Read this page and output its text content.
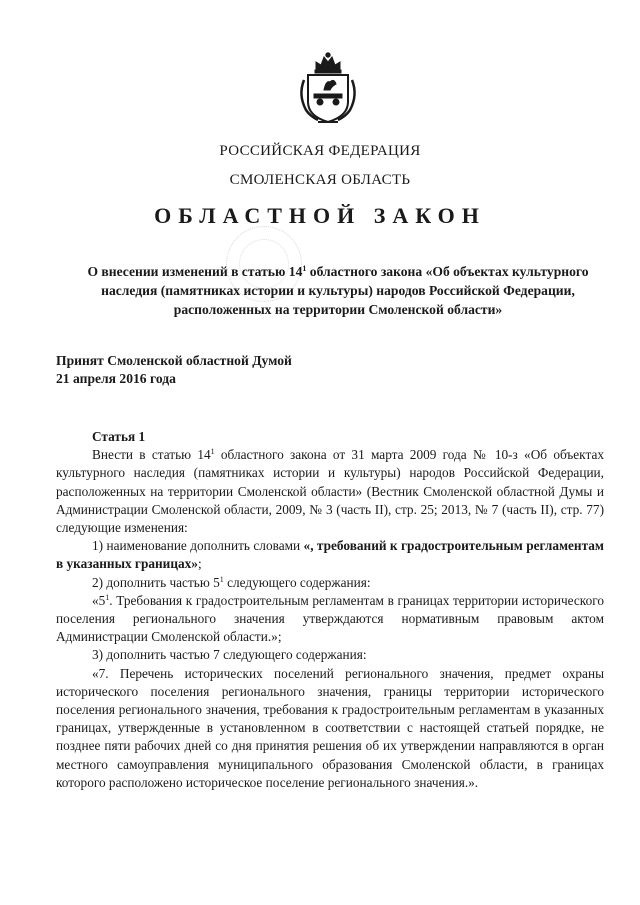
РОССИЙСКАЯ ФЕДЕРАЦИЯ
СМОЛЕНСКАЯ ОБЛАСТЬ
ОБЛАСТНОЙ ЗАКОН
О внесении изменений в статью $14^1$ областного закона «Об объектах культурного наследия (памятниках истории и культуры) народов Российской Федерации, расположенных на территории Смоленской области»
Принят Смоленской областной Думой
21 апреля 2016 года

Статья 1

Внести в статью $14^1$ областного закона от 31 марта 2009 года № 10-з «Об объектах культурного наследия (памятниках истории и культуры) народов Российской Федерации, расположенных на территории Смоленской области» (Вестник Смоленской областной Думы и Администрации Смоленской области, 2009, № 3 (часть II), стр. 25; 2013, № 7 (часть II), стр. 77) следующие изменения:

1) наименование дополнить словами «, требований к градостроительным регламентам в указанных границах»;

2) дополнить частью $5^1$ следующего содержания:

«$5^1$. Требования к градостроительным регламентам в границах территории исторического поселения регионального значения утверждаются нормативным правовым актом Администрации Смоленской области.»;

3) дополнить частью 7 следующего содержания:

«7. Перечень исторических поселений регионального значения, предмет охраны исторического поселения регионального значения, границы территории исторического поселения регионального значения, требования к градостроительным регламентам в указанных границах, утвержденные в установленном в соответствии с настоящей статьей порядке, не позднее пяти рабочих дней со дня принятия решения об их утверждении направляются в орган местного самоуправления муниципального образования Смоленской области, в границах которого расположено историческое поселение регионального значения.».
